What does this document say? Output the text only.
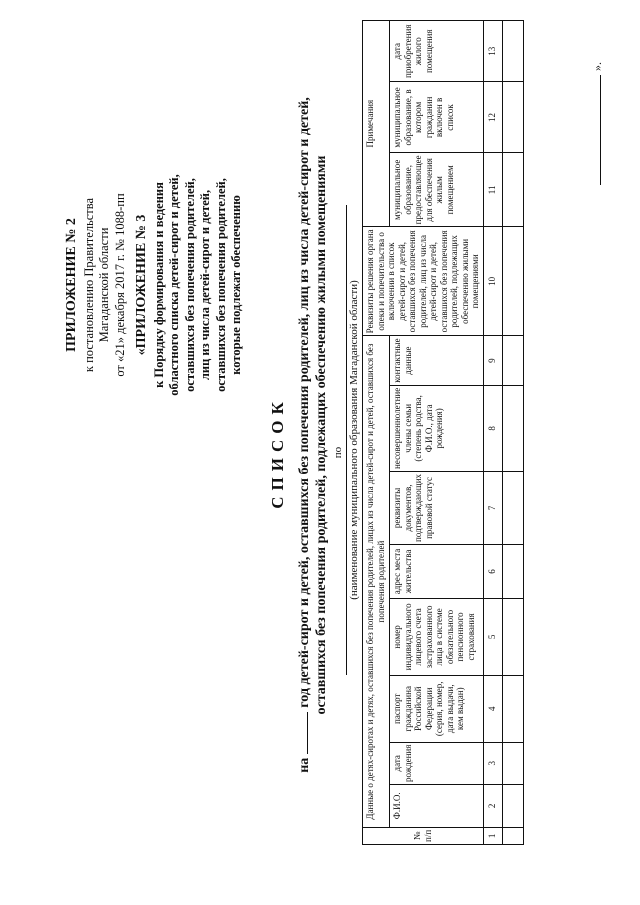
ПРИЛОЖЕНИЕ № 2 к постановлению Правительства Магаданской области от «21» декабря 2017 г. № 1088-пп «ПРИЛОЖЕНИЕ № 3 к Порядку формирования и ведения областного списка детей-сирот и детей, оставшихся без попечения родителей, лиц из числа детей-сирот и детей, оставшихся без попечения родителей, которые подлежат обеспечению
СПИСОК
нагод детей-сирот и детей, оставшихся без попечения родителей, лиц из числа детей-сирот и детей, оставшихся без попечения родителей, подлежащих обеспечению жилыми помещениями по (наименование муниципального образования Магаданской области)
№ п/п	Данные о детях-сиротах и детях, оставшихся без попечения родителей, лицах из числа детей-сирот и детей, оставшихся без попечения родителей								Реквизиты решения органа опеки и попечительства о включении в список детей-сирот и детей, оставшихся без попечения родителей, лиц из числа детей-сирот и детей, оставшихся без попечения родителей, подлежащих обеспечению жилыми помещениями	Примечания		
	Ф.И.О.	дата рождения	паспорт гражданина Российской Федерации (серия, номер, дата выдачи, кем выдан)	номер индивидуального лицевого счета застрахованного лица в системе обязательного пенсионного страхования	адрес места жительства	реквизиты документов, подтверждающих правовой статус	несовершеннолетние члены семьи (степень родства, Ф.И.О., дата рождения)	контактные данные		муниципальное образование, предоставляющее для обеспечения жилым помещением	муниципальное образование, в котором гражданин включен в список	дата приобретения жилого помещения
1	2	3	4	5	6	7	8	9	10	11	12	13

».
